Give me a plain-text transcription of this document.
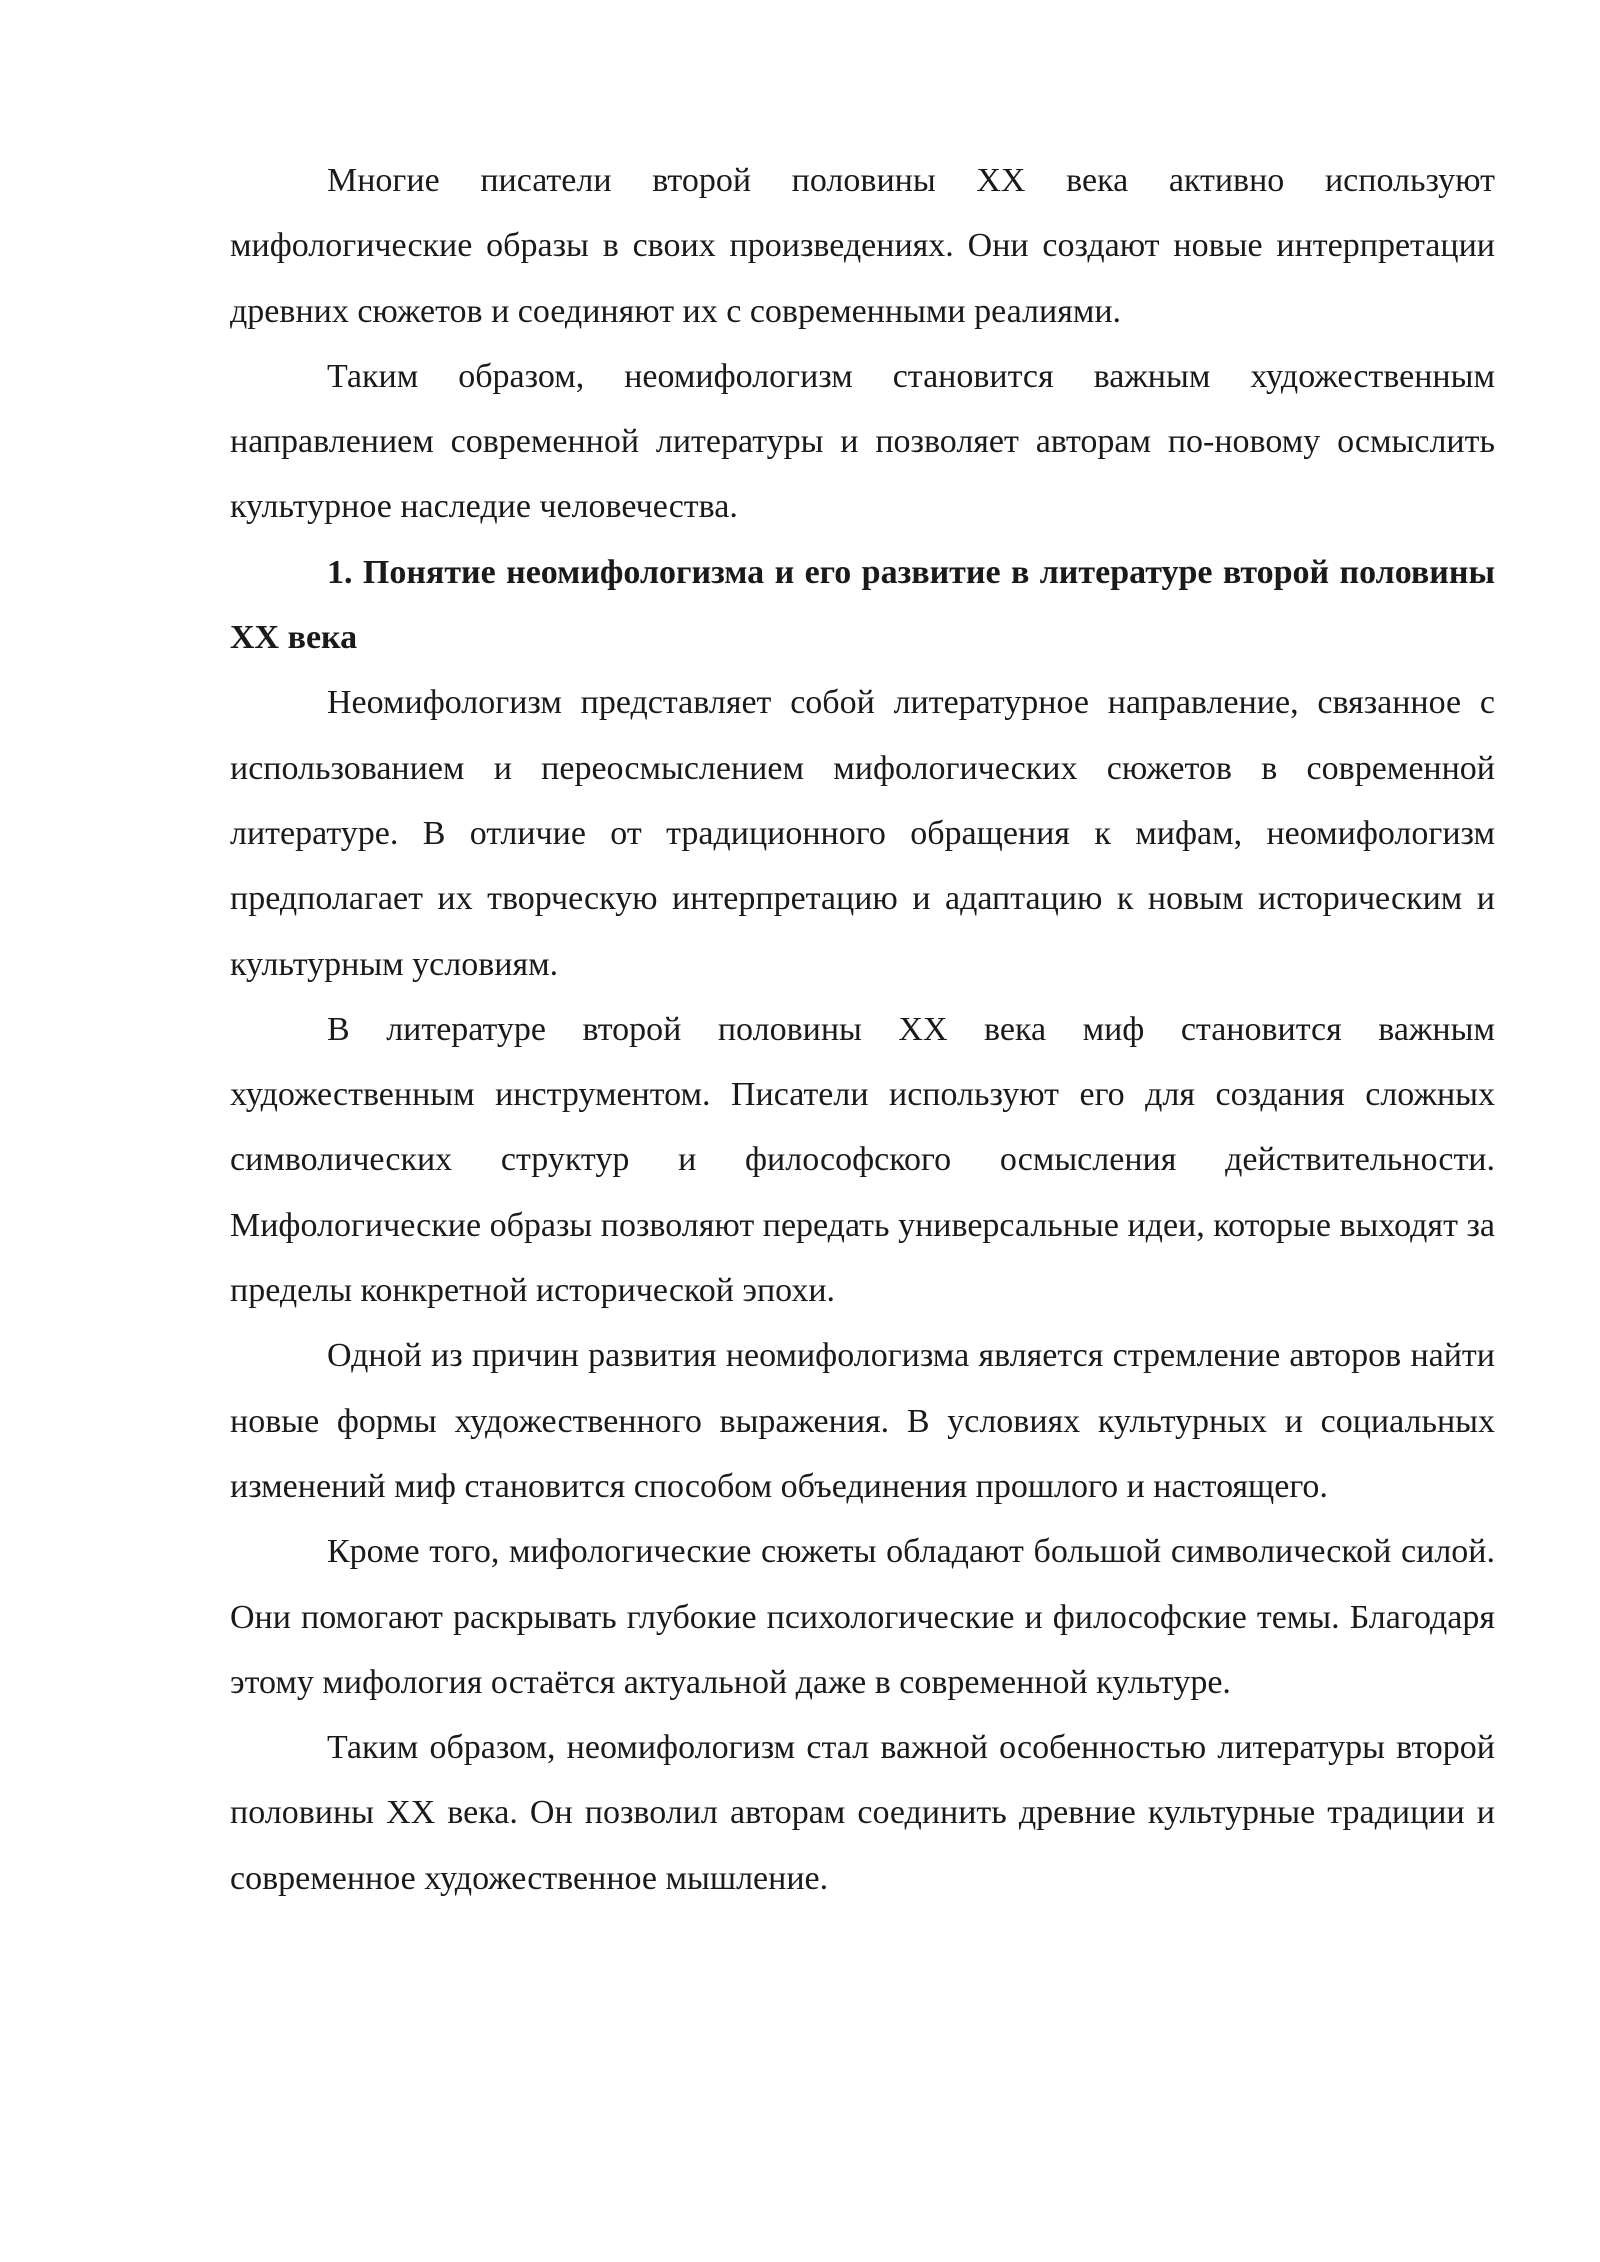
Многие писатели второй половины ХХ века активно используют мифологические образы в своих произведениях. Они создают новые интерпретации древних сюжетов и соединяют их с современными реалиями.

Таким образом, неомифологизм становится важным художественным направлением современной литературы и позволяет авторам по-новому осмыслить культурное наследие человечества.

1. Понятие неомифологизма и его развитие в литературе второй половины ХХ века

Неомифологизм представляет собой литературное направление, связанное с использованием и переосмыслением мифологических сюжетов в современной литературе. В отличие от традиционного обращения к мифам, неомифологизм предполагает их творческую интерпретацию и адаптацию к новым историческим и культурным условиям.

В литературе второй половины ХХ века миф становится важным художественным инструментом. Писатели используют его для создания сложных символических структур и философского осмысления действительности. Мифологические образы позволяют передать универсальные идеи, которые выходят за пределы конкретной исторической эпохи.

Одной из причин развития неомифологизма является стремление авторов найти новые формы художественного выражения. В условиях культурных и социальных изменений миф становится способом объединения прошлого и настоящего.

Кроме того, мифологические сюжеты обладают большой символической силой. Они помогают раскрывать глубокие психологические и философские темы. Благодаря этому мифология остаётся актуальной даже в современной культуре.

Таким образом, неомифологизм стал важной особенностью литературы второй половины ХХ века. Он позволил авторам соединить древние культурные традиции и современное художественное мышление.
